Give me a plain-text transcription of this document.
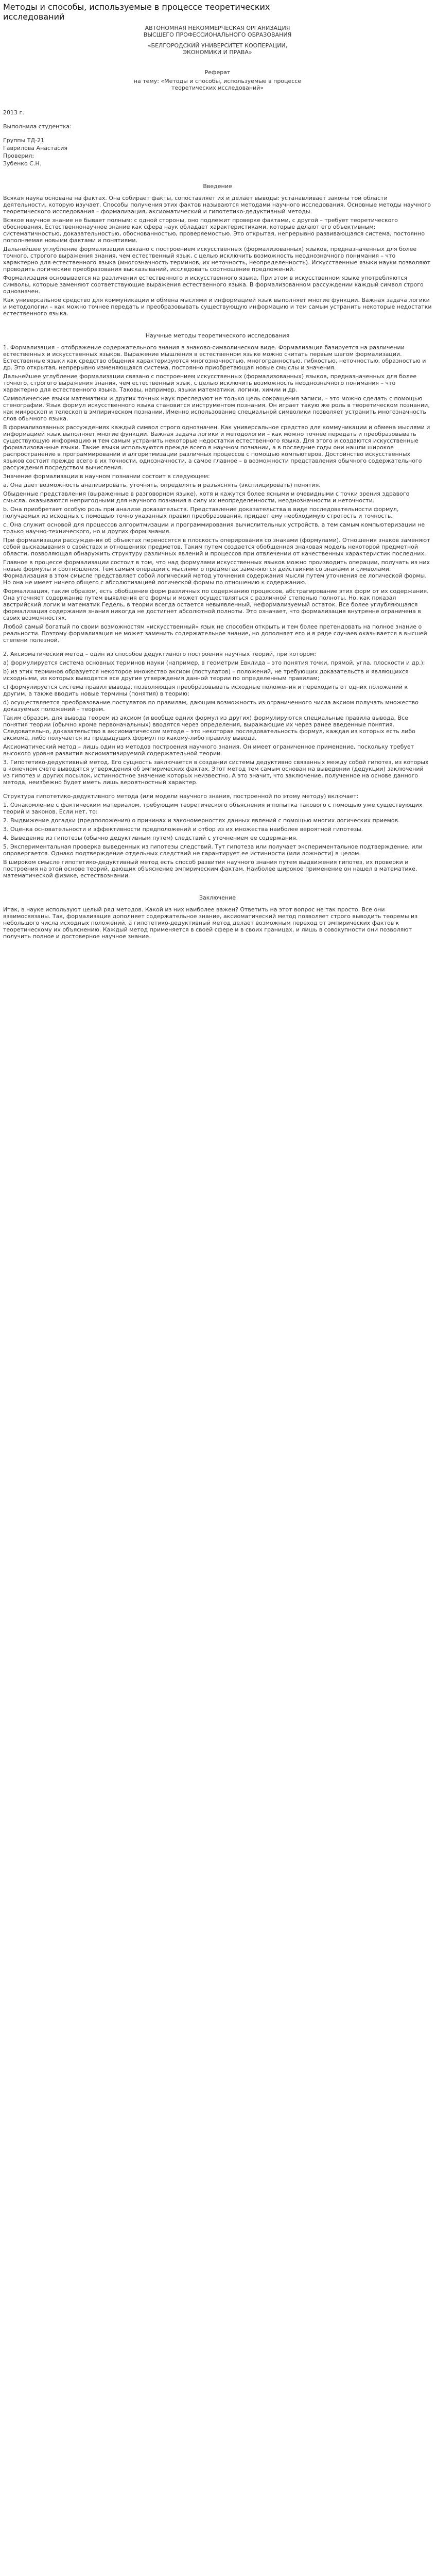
Методы и способы, используемые в процессе теоретических исследований

АВТОНОМНАЯ НЕКОММЕРЧЕСКАЯ ОРГАНИЗАЦИЯ

ВЫСШЕГО ПРОФЕССИОНАЛЬНОГО ОБРАЗОВАНИЯ

«БЕЛГОРОДСКИЙ УНИВЕРСИТЕТ КООПЕРАЦИИ,

ЭКОНОМИКИ И ПРАВА»

Реферат

на тему: «Методы и способы, используемые в процессе теоретических исследований»

2013 г.

Выполнила студентка:

Группы ТД-21

Гаврилова Анастасия

Проверил:

Зубенко С.Н.

Введение

Всякая наука основана на фактах. Она собирает факты, сопоставляет их и делает выводы: устанавливает законы той области деятельности, которую изучает. Способы получения этих фактов называются методами научного исследования. Основные методы научного теоретического исследования – формализация, аксиоматический и гипотетико-дедуктивный методы.

Всякое научное знание не бывает полным: с одной стороны, оно подлежит проверке фактами, с другой – требует теоретического обоснования. Естественнонаучное знание как сфера наук обладает характеристиками, которые делают его объективным: систематичностью, доказательностью, обоснованностью, проверяемостью. Это открытая, непрерывно развивающаяся система, постоянно пополняемая новыми фактами и понятиями.

Дальнейшее углубление формализации связано с построением искусственных (формализованных) языков, предназначенных для более точного, строгого выражения знания, чем естественный язык, с целью исключить возможность неоднозначного понимания – что характерно для естественного языка (многозначность терминов, их неточность, неопределенность). Искусственные языки науки позволяют проводить логические преобразования высказываний, исследовать соотношение предложений.

Формализация основывается на различении естественного и искусственного языка. При этом в искусственном языке употребляются символы, которые заменяют соответствующие выражения естественного языка. В формализованном рассуждении каждый символ строго однозначен.

Как универсальное средство для коммуникации и обмена мыслями и информацией язык выполняет многие функции. Важная задача логики и методологии – как можно точнее передать и преобразовывать существующую информацию и тем самым устранить некоторые недостатки естественного языка.

Научные методы теоретического исследования

1. Формализация – отображение содержательного знания в знаково-символическом виде. Формализация базируется на различении естественных и искусственных языков. Выражение мышления в естественном языке можно считать первым шагом формализации. Естественные языки как средство общения характеризуются многозначностью, многогранностью, гибкостью, неточностью, образностью и др. Это открытая, непрерывно изменяющаяся система, постоянно приобретающая новые смыслы и значения.

Дальнейшее углубление формализации связано с построением искусственных (формализованных) языков, предназначенных для более точного, строгого выражения знания, чем естественный язык, с целью исключить возможность неоднозначного понимания – что характерно для естественного языка. Таковы, например, языки математики, логики, химии и др.

Символические языки математики и других точных наук преследуют не только цель сокращения записи, – это можно сделать с помощью стенографии. Язык формул искусственного языка становится инструментом познания. Он играет такую же роль в теоретическом познании, как микроскоп и телескоп в эмпирическом познании. Именно использование специальной символики позволяет устранить многозначность слов обычного языка.

В формализованных рассуждениях каждый символ строго однозначен. Как универсальное средство для коммуникации и обмена мыслями и информацией язык выполняет многие функции. Важная задача логики и методологии – как можно точнее передать и преобразовывать существующую информацию и тем самым устранить некоторые недостатки естественного языка. Для этого и создаются искусственные формализованные языки. Такие языки используются прежде всего в научном познании, а в последние годы они нашли широкое распространение в программировании и алгоритмизации различных процессов с помощью компьютеров. Достоинство искусственных языков состоит прежде всего в их точности, однозначности, а самое главное – в возможности представления обычного содержательного рассуждения посредством вычисления.

Значение формализации в научном познании состоит в следующем:

a. Она дает возможность анализировать, уточнять, определять и разъяснять (эксплицировать) понятия.

Обыденные представления (выраженные в разговорном языке), хотя и кажутся более ясными и очевидными с точки зрения здравого смысла, оказываются непригодными для научного познания в силу их неопределенности, неоднозначности и неточности.

b. Она приобретает особую роль при анализе доказательств. Представление доказательства в виде последовательности формул, получаемых из исходных с помощью точно указанных правил преобразования, придает ему необходимую строгость и точность.

c. Она служит основой для процессов алгоритмизации и программирования вычислительных устройств, а тем самым компьютеризации не только научно-технического, но и других форм знания.

При формализации рассуждения об объектах переносятся в плоскость оперирования со знаками (формулами). Отношения знаков заменяют собой высказывания о свойствах и отношениях предметов. Таким путем создается обобщенная знаковая модель некоторой предметной области, позволяющая обнаружить структуру различных явлений и процессов при отвлечении от качественных характеристик последних.

Главное в процессе формализации состоит в том, что над формулами искусственных языков можно производить операции, получать из них новые формулы и соотношения. Тем самым операции с мыслями о предметах заменяются действиями со знаками и символами. Формализация в этом смысле представляет собой логический метод уточнения содержания мысли путем уточнения ее логической формы. Но она не имеет ничего общего с абсолютизацией логической формы по отношению к содержанию.

Формализация, таким образом, есть обобщение форм различных по содержанию процессов, абстрагирование этих форм от их содержания. Она уточняет содержание путем выявления его формы и может осуществляться с различной степенью полноты. Но, как показал австрийский логик и математик Гедель, в теории всегда остается невыявленный, неформализуемый остаток. Все более углубляющаяся формализация содержания знания никогда не достигнет абсолютной полноты. Это означает, что формализация внутренне ограничена в своих возможностях.

Любой самый богатый по своим возможностям «искусственный» язык не способен открыть и тем более претендовать на полное знание о реальности. Поэтому формализация не может заменить содержательное знание, но дополняет его и в ряде случаев оказывается в высшей степени полезной.

2. Аксиоматический метод – один из способов дедуктивного построения научных теорий, при котором:

a) формулируется система основных терминов науки (например, в геометрии Евклида – это понятия точки, прямой, угла, плоскости и др.);

b) из этих терминов образуется некоторое множество аксиом (постулатов) – положений, не требующих доказательств и являющихся исходными, из которых выводятся все другие утверждения данной теории по определенным правилам;

c) формулируется система правил вывода, позволяющая преобразовывать исходные положения и переходить от одних положений к другим, а также вводить новые термины (понятия) в теорию;

d) осуществляется преобразование постулатов по правилам, дающим возможность из ограниченного числа аксиом получать множество доказуемых положений – теорем.

Таким образом, для вывода теорем из аксиом (и вообще одних формул из других) формулируются специальные правила вывода. Все понятия теории (обычно кроме первоначальных) вводятся через определения, выражающие их через ранее введенные понятия. Следовательно, доказательство в аксиоматическом методе – это некоторая последовательность формул, каждая из которых есть либо аксиома, либо получается из предыдущих формул по какому-либо правилу вывода.

Аксиоматический метод – лишь один из методов построения научного знания. Он имеет ограниченное применение, поскольку требует высокого уровня развития аксиоматизируемой содержательной теории.

3. Гипотетико-дедуктивный метод. Его сущность заключается в создании системы дедуктивно связанных между собой гипотез, из которых в конечном счете выводятся утверждения об эмпирических фактах. Этот метод тем самым основан на выведении (дедукции) заключений из гипотез и других посылок, истинностное значение которых неизвестно. А это значит, что заключение, полученное на основе данного метода, неизбежно будет иметь лишь вероятностный характер.

Структура гипотетико-дедуктивного метода (или модели научного знания, построенной по этому методу) включает:

1. Ознакомление с фактическим материалом, требующим теоретического объяснения и попытка такового с помощью уже существующих теорий и законов. Если нет, то:

2. Выдвижение догадки (предположения) о причинах и закономерностях данных явлений с помощью многих логических приемов.

3. Оценка основательности и эффективности предположений и отбор из их множества наиболее вероятной гипотезы.

4. Выведение из гипотезы (обычно дедуктивным путем) следствий с уточнением ее содержания.

5. Экспериментальная проверка выведенных из гипотезы следствий. Тут гипотеза или получает экспериментальное подтверждение, или опровергается. Однако подтверждение отдельных следствий не гарантирует ее истинности (или ложности) в целом.

В широком смысле гипотетико-дедуктивный метод есть способ развития научного знания путем выдвижения гипотез, их проверки и построения на этой основе теорий, дающих объяснение эмпирическим фактам. Наиболее широкое применение он нашел в математике, математической физике, естествознании.

Заключение

Итак, в науке используют целый ряд методов. Какой из них наиболее важен? Ответить на этот вопрос не так просто. Все они взаимосвязаны. Так, формализация дополняет содержательное знание, аксиоматический метод позволяет строго выводить теоремы из небольшого числа исходных положений, а гипотетико-дедуктивный метод делает возможным переход от эмпирических фактов к теоретическому их объяснению. Каждый метод применяется в своей сфере и в своих границах, и лишь в совокупности они позволяют получить полное и достоверное научное знание.
